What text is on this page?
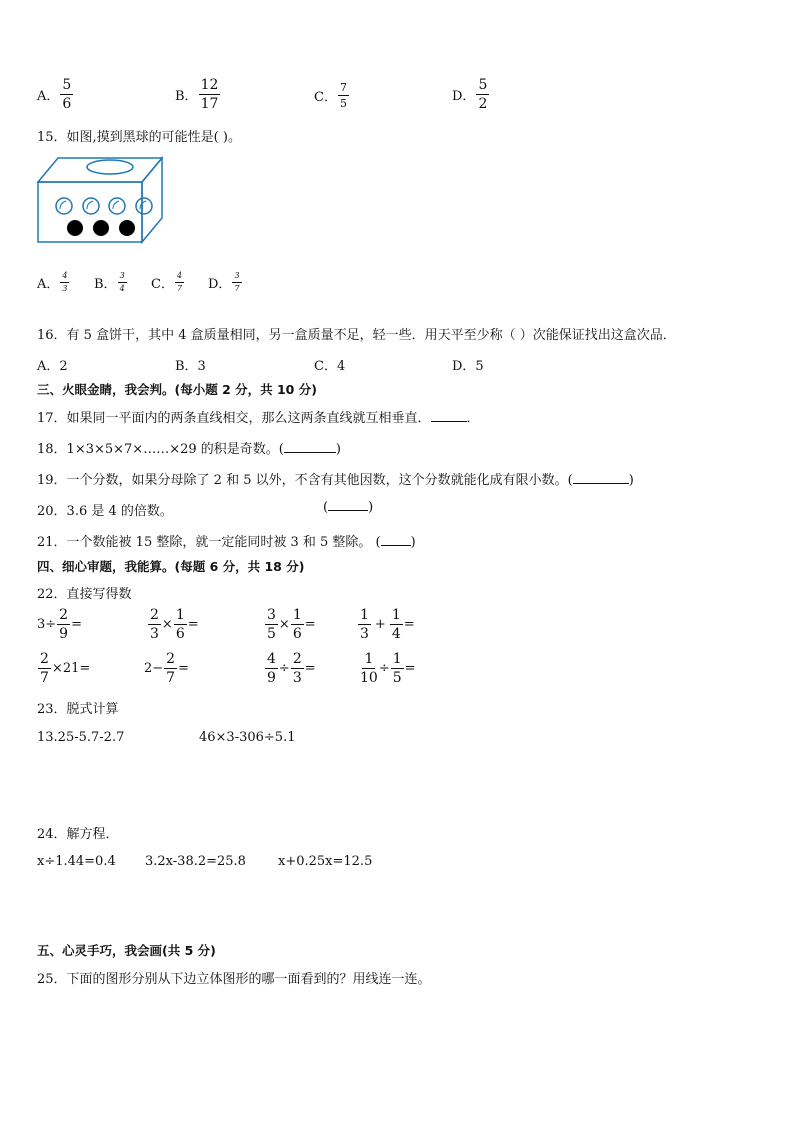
A． $\frac{5}{6}$	B． $\frac{12}{17}$	C． $\frac{7}{5}$	D． $\frac{5}{2}$
15．如图,摸到黑球的可能性是( )。
A． $\frac{4}{3}$ B． $\frac{3}{4}$ C． $\frac{4}{7}$ D． $\frac{3}{7}$
16．有 5 盒饼干，其中 4 盒质量相同，另一盒质量不足，轻一些．用天平至少称（ ）次能保证找出这盒次品．
A．2	B．3	C．4	D．5
三、火眼金睛，我会判。(每小题 2 分，共 10 分)
17．如果同一平面内的两条直线相交，那么这两条直线就互相垂直．	．
18．1×3×5×7×……×29 的积是奇数。(	)
19．一个分数，如果分母除了 2 和 5 以外，不含有其他因数，这个分数就能化成有限小数。(	)
20．3.6 是 4 的倍数。	(	)
21．一个数能被 15 整除，就一定能同时被 3 和 5 整除。 ( )
四、细心审题，我能算。(每题 6 分，共 18 分)
22．直接写得数
$3\div \frac{2}{9}$ =	$\frac{2}{3} \times \frac{1}{6}$ =	$\frac{3}{5} \times \frac{1}{6}$ =	$\frac{1}{3} + \frac{1}{4}$ =
$\frac{2}{7} \times 21=$	$2- \frac{2}{7}$ =	$\frac{4}{9} \div \frac{2}{3}$ =	$\frac{1}{10} \div \frac{1}{5}$ =
23．脱式计算
13.25-5.7-2.7	46×3-306÷5.1
24．解方程．
x÷1.44=0.4 3.2x-38.2=25.8 x+0.25x=12.5
五、心灵手巧，我会画(共 5 分)
25．下面的图形分别从下边立体图形的哪一面看到的？用线连一连。
